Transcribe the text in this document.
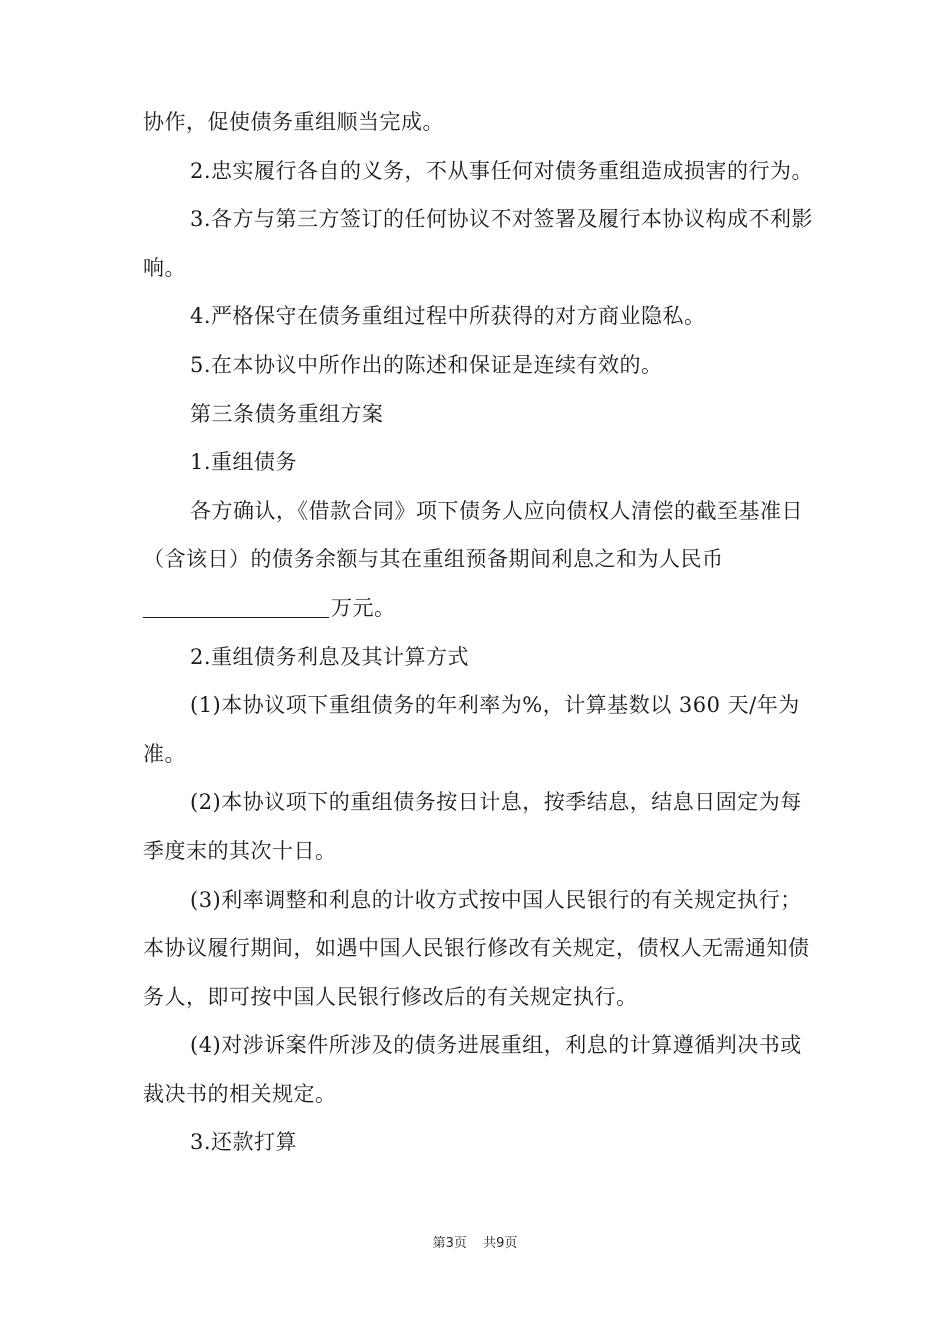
协作，促使债务重组顺当完成。

2.忠实履行各自的义务，不从事任何对债务重组造成损害的行为。

3.各方与第三方签订的任何协议不对签署及履行本协议构成不利影响。

4.严格保守在债务重组过程中所获得的对方商业隐私。

5.在本协议中所作出的陈述和保证是连续有效的。

第三条债务重组方案

1.重组债务

各方确认，《借款合同》项下债务人应向债权人清偿的截至基准日（含该日）的债务余额与其在重组预备期间利息之和为人民币

万元。

2.重组债务利息及其计算方式

(1)本协议项下重组债务的年利率为%，计算基数以 360 天/年为准。

(2)本协议项下的重组债务按日计息，按季结息，结息日固定为每季度末的其次十日。

(3)利率调整和利息的计收方式按中国人民银行的有关规定执行；本协议履行期间，如遇中国人民银行修改有关规定，债权人无需通知债务人，即可按中国人民银行修改后的有关规定执行。

(4)对涉诉案件所涉及的债务进展重组，利息的计算遵循判决书或裁决书的相关规定。

3.还款打算

第3页 共9页
